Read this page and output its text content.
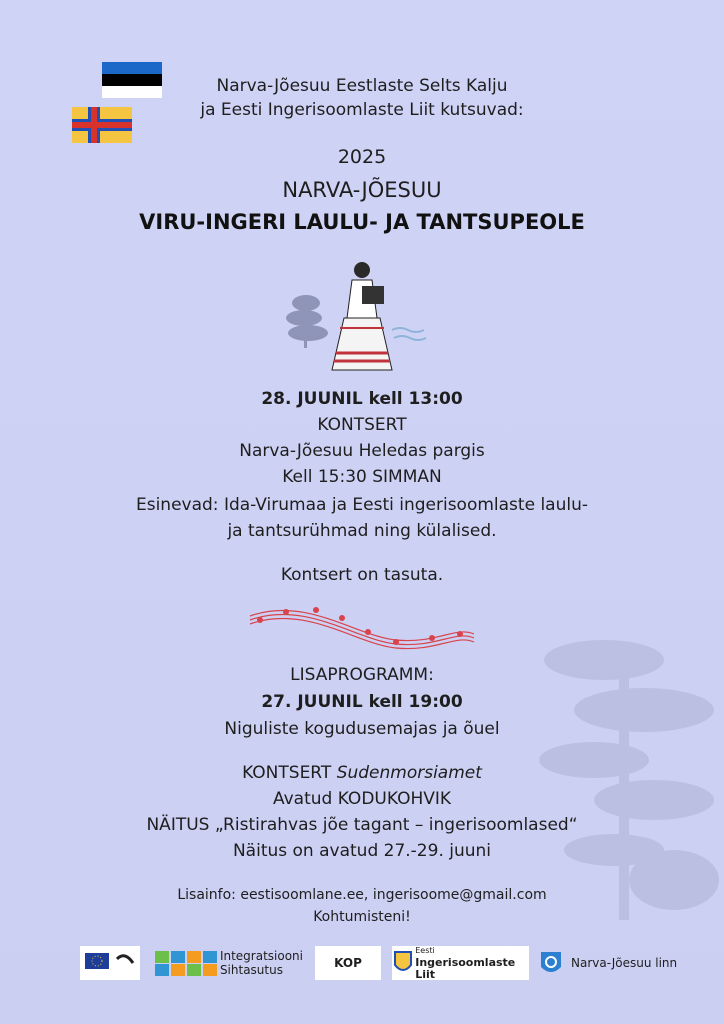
Narva-Jõesuu Eestlaste Selts Kalju
ja Eesti Ingerisoomlaste Liit kutsuvad:
2025
NARVA-JÕESUU
VIRU-INGERI LAULU- JA TANTSUPEOLE
28. JUUNIL kell 13:00
KONTSERT
Narva-Jõesuu Heledas pargis
Kell 15:30 SIMMAN
Esinevad: Ida-Virumaa ja Eesti ingerisoomlaste laulu-
ja tantsurühmad ning külalised.
Kontsert on tasuta.
LISAPROGRAMM:
27. JUUNIL kell 19:00
Niguliste kogudusemajas ja õuel
KONTSERT Sudenmorsiamet
Avatud KODUKOHVIK
NÄITUS „Ristirahvas jõe tagant – ingerisoomlased“
Näitus on avatud 27.-29. juuni
Lisainfo: eestisoomlane.ee, ingerisoome@gmail.com
Kohtumisteni!
Integratsiooni
Sihtasutus	KOP
Eesti
Ingerisoomlaste Liit
Narva-Jõesuu linn
